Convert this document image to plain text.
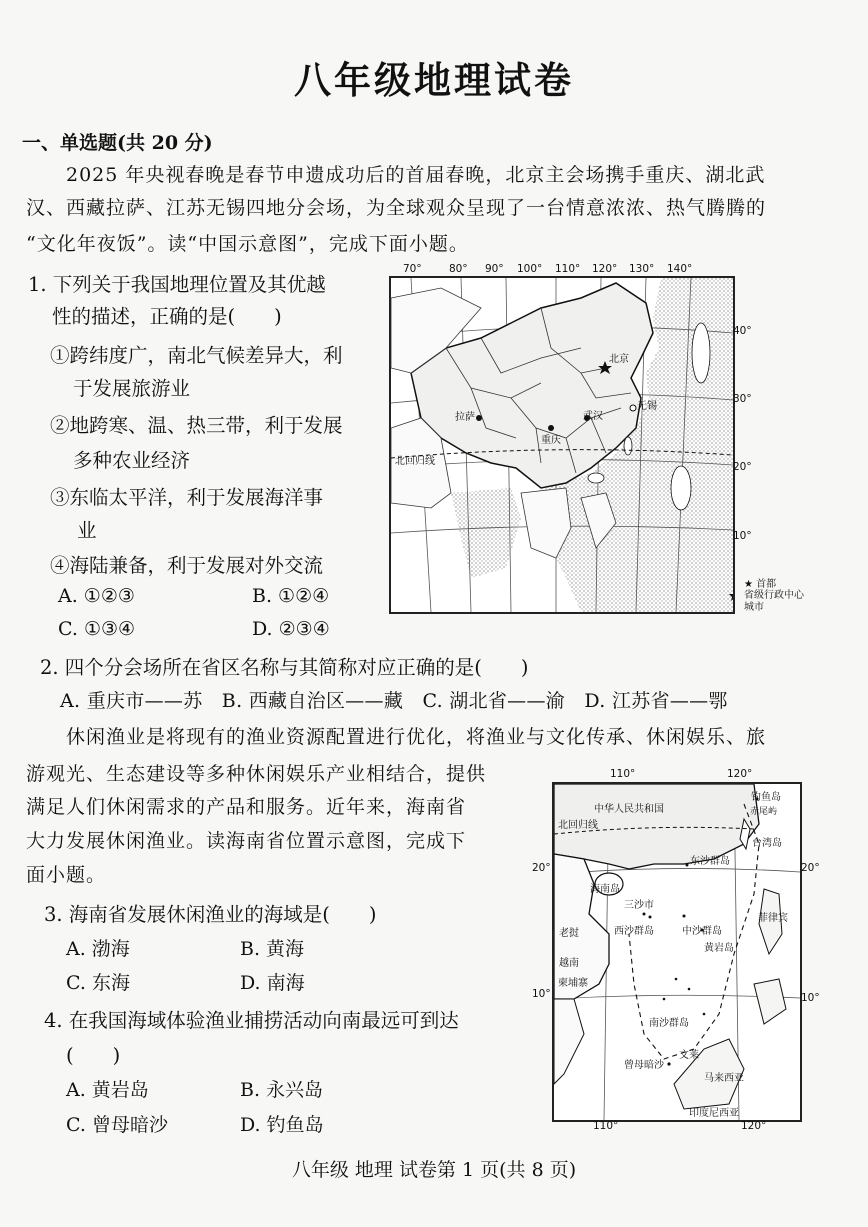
八年级地理试卷
一、单选题(共 20 分)
2025 年央视春晚是春节申遗成功后的首届春晚，北京主会场携手重庆、湖北武
汉、西藏拉萨、江苏无锡四地分会场，为全球观众呈现了一台情意浓浓、热气腾腾的
“文化年夜饭”。读“中国示意图”，完成下面小题。
1. 下列关于我国地理位置及其优越
性的描述，正确的是(　　)
①跨纬度广，南北气候差异大，利
于发展旅游业
②地跨寒、温、热三带，利于发展
多种农业经济
③东临太平洋，利于发展海洋事
业
④海陆兼备，利于发展对外交流
A. ①②③	B. ①②④
C. ①③④	D. ②③④
北京
拉萨
重庆
武汉
无锡
北回归线
70°	80° 90° 100° 110° 120° 130° 140°
40°
30°
20°
10°
★ 首都
省级行政中心
城市
2. 四个分会场所在省区名称与其简称对应正确的是(　　)
A. 重庆市——苏　B. 西藏自治区——藏　C. 湖北省——渝　D. 江苏省——鄂
休闲渔业是将现有的渔业资源配置进行优化，将渔业与文化传承、休闲娱乐、旅
游观光、生态建设等多种休闲娱乐产业相结合，提供
满足人们休闲需求的产品和服务。近年来，海南省
大力发展休闲渔业。读海南省位置示意图，完成下
面小题。
3. 海南省发展休闲渔业的海域是(　　)
A. 渤海	B. 黄海
C. 东海	D. 南海
4. 在我国海域体验渔业捕捞活动向南最远可到达
(　　)
A. 黄岩岛	B. 永兴岛
C. 曾母暗沙	D. 钓鱼岛
中华人民共和国
北回归线
钓鱼岛
赤尾屿
台湾岛
东沙群岛
海南岛
三沙市
西沙群岛	中沙群岛
黄岩岛
南沙群岛
曾母暗沙
印度尼西亚
菲律宾
越南
老挝
柬埔寨
文莱
马来西亚
110°	120°
110°	120°
20°
10°
20°
10°
八年级 地理 试卷第 1 页(共 8 页)
